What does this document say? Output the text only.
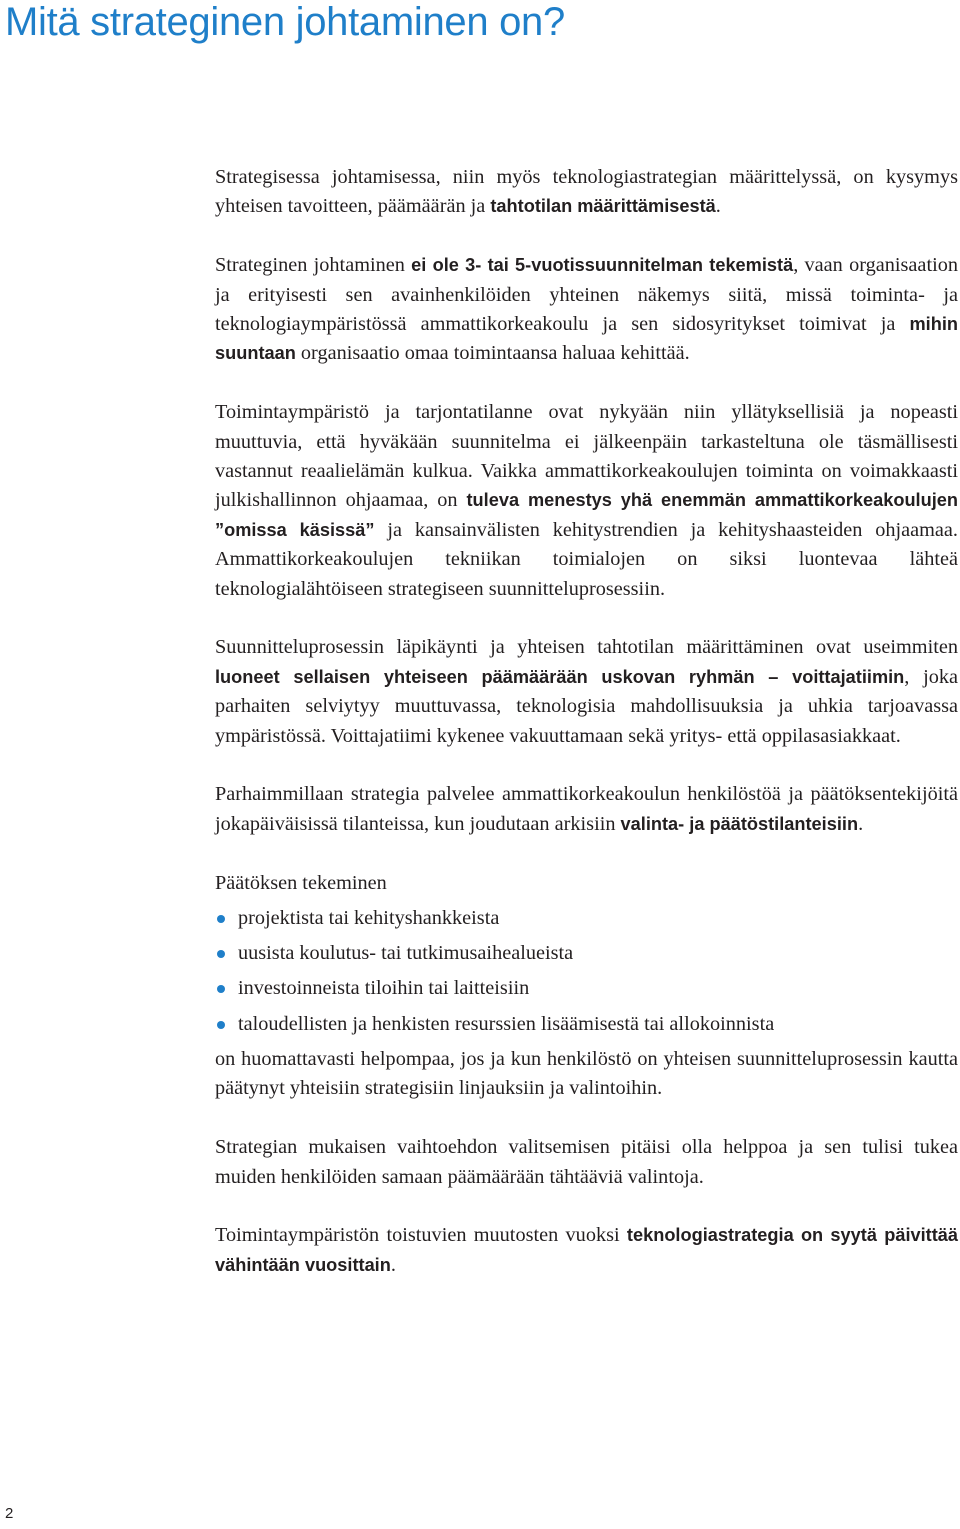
Mitä strateginen johtaminen on?

Strategisessa johtamisessa, niin myös teknologiastrategian määrittelyssä, on kysymys yhteisen tavoitteen, päämäärän ja tahtotilan määrittämisestä.

Strateginen johtaminen ei ole 3- tai 5-vuotissuunnitelman tekemistä, vaan organisaation ja erityisesti sen avainhenkilöiden yhteinen näkemys siitä, missä toiminta- ja teknologiaympäristössä ammattikorkeakoulu ja sen sidosyritykset toimivat ja mihin suuntaan organisaatio omaa toimintaansa haluaa kehittää.

Toimintaympäristö ja tarjontatilanne ovat nykyään niin yllätyksellisiä ja nopeasti muuttuvia, että hyväkään suunnitelma ei jälkeenpäin tarkasteltuna ole täsmällisesti vastannut reaalielämän kulkua. Vaikka ammattikorkeakoulujen toiminta on voimakkaasti julkishallinnon ohjaamaa, on tuleva menestys yhä enemmän ammattikorkeakoulujen ”omissa käsissä” ja kansainvälisten kehitystrendien ja kehityshaasteiden ohjaamaa. Ammattikorkeakoulujen tekniikan toimialojen on siksi luontevaa lähteä teknologialähtöiseen strategiseen suunnitteluprosessiin.

Suunnitteluprosessin läpikäynti ja yhteisen tahtotilan määrittäminen ovat useimmiten luoneet sellaisen yhteiseen päämäärään uskovan ryhmän – voittajatiimin, joka parhaiten selviytyy muuttuvassa, teknologisia mahdollisuuksia ja uhkia tarjoavassa ympäristössä. Voittajatiimi kykenee vakuuttamaan sekä yritys- että oppilasasiakkaat.

Parhaimmillaan strategia palvelee ammattikorkeakoulun henkilöstöä ja päätöksentekijöitä jokapäiväisissä tilanteissa, kun joudutaan arkisiin valinta- ja päätöstilanteisiin.

Päätöksen tekeminen

projektista tai kehityshankkeista
uusista koulutus- tai tutkimusaihealueista
investoinneista tiloihin tai laitteisiin
taloudellisten ja henkisten resurssien lisäämisestä tai allokoinnista

on huomattavasti helpompaa, jos ja kun henkilöstö on yhteisen suunnitteluprosessin kautta päätynyt yhteisiin strategisiin linjauksiin ja valintoihin.

Strategian mukaisen vaihtoehdon valitsemisen pitäisi olla helppoa ja sen tulisi tukea muiden henkilöiden samaan päämäärään tähtääviä valintoja.

Toimintaympäristön toistuvien muutosten vuoksi teknologiastrategia on syytä päivittää vähintään vuosittain.

2
